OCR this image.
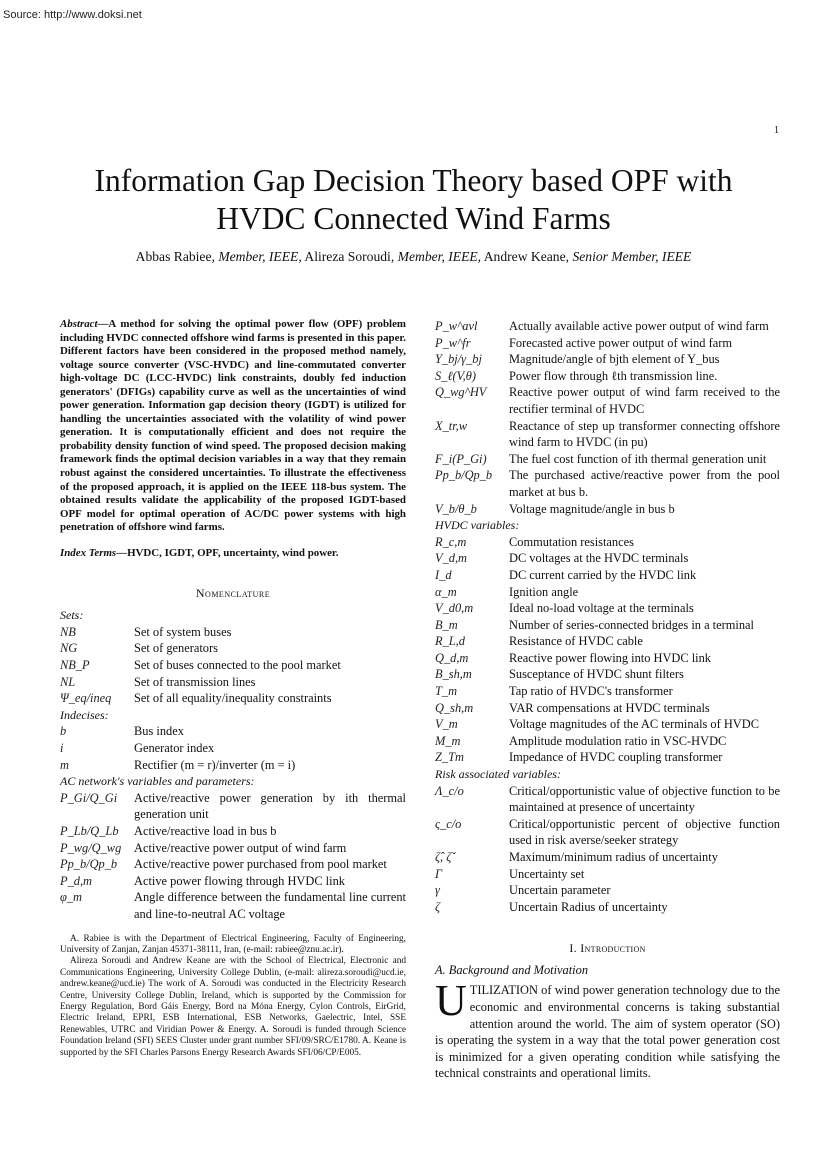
Source: http://www.doksi.net
1
Information Gap Decision Theory based OPF with
HVDC Connected Wind Farms
Abbas Rabiee, Member, IEEE, Alireza Soroudi, Member, IEEE, Andrew Keane, Senior Member, IEEE

Abstract—A method for solving the optimal power flow (OPF) problem including HVDC connected offshore wind farms is presented in this paper. Different factors have been considered in the proposed method namely, voltage source converter (VSC-HVDC) and line-commutated converter high-voltage DC (LCC-HVDC) link constraints, doubly fed induction generators' (DFIGs) capability curve as well as the uncertainties of wind power generation. Information gap decision theory (IGDT) is utilized for handling the uncertainties associated with the volatility of wind power generation. It is computationally efficient and does not require the probability density function of wind speed. The proposed decision making framework finds the optimal decision variables in a way that they remain robust against the considered uncertainties. To illustrate the effectiveness of the proposed approach, it is applied on the IEEE 118-bus system. The obtained results validate the applicability of the proposed IGDT-based OPF model for optimal operation of AC/DC power systems with high penetration of offshore wind farms.

Index Terms—HVDC, IGDT, OPF, uncertainty, wind power.

Nomenclature
Sets:
NB	Set of system buses
NG	Set of generators
NB_P	Set of buses connected to the pool market
NL	Set of transmission lines
Ψ_eq/ineq	Set of all equality/inequality constraints
Indecises:
b	Bus index
i	Generator index
m	Rectifier (m = r)/inverter (m = i)
AC network's variables and parameters:
P_Gi/Q_Gi	Active/reactive power generation by ith thermal generation unit
P_Lb/Q_Lb	Active/reactive load in bus b
P_wg/Q_wg	Active/reactive power output of wind farm
Pp_b/Qp_b	Active/reactive power purchased from pool market
P_d,m	Active power flowing through HVDC link
φ_m	Angle difference between the fundamental line current and line-to-neutral AC voltage

A. Rabiee is with the Department of Electrical Engineering, Faculty of Engineering, University of Zanjan, Zanjan 45371-38111, Iran, (e-mail: rabiee@znu.ac.ir).

Alireza Soroudi and Andrew Keane are with the School of Electrical, Electronic and Communications Engineering, University College Dublin, (e-mail: alireza.soroudi@ucd.ie, andrew.keane@ucd.ie) The work of A. Soroudi was conducted in the Electricity Research Centre, University College Dublin, Ireland, which is supported by the Commission for Energy Regulation, Bord Gáis Energy, Bord na Móna Energy, Cylon Controls, EirGrid, Electric Ireland, EPRI, ESB International, ESB Networks, Gaelectric, Intel, SSE Renewables, UTRC and Viridian Power & Energy. A. Soroudi is funded through Science Foundation Ireland (SFI) SEES Cluster under grant number SFI/09/SRC/E1780. A. Keane is supported by the SFI Charles Parsons Energy Research Awards SFI/06/CP/E005.

P_w^avl	Actually available active power output of wind farm
P_w^fr	Forecasted active power output of wind farm
Y_bj/γ_bj	Magnitude/angle of bjth element of Y_bus
S_ℓ(V,θ)	Power flow through ℓth transmission line.
Q_wg^HV	Reactive power output of wind farm received to the rectifier terminal of HVDC
X_tr,w	Reactance of step up transformer connecting offshore wind farm to HVDC (in pu)
F_i(P_Gi)	The fuel cost function of ith thermal generation unit
Pp_b/Qp_b	The purchased active/reactive power from the pool market at bus b.
V_b/θ_b	Voltage magnitude/angle in bus b
HVDC variables:
R_c,m	Commutation resistances
V_d,m	DC voltages at the HVDC terminals
I_d	DC current carried by the HVDC link
α_m	Ignition angle
V_d0,m	Ideal no-load voltage at the terminals
B_m	Number of series-connected bridges in a terminal
R_L,d	Resistance of HVDC cable
Q_d,m	Reactive power flowing into HVDC link
B_sh,m	Susceptance of HVDC shunt filters
T_m	Tap ratio of HVDC's transformer
Q_sh,m	VAR compensations at HVDC terminals
V_m	Voltage magnitudes of the AC terminals of HVDC
M_m	Amplitude modulation ratio in VSC-HVDC
Z_Tm	Impedance of HVDC coupling transformer
Risk associated variables:
Λ_c/o	Critical/opportunistic value of objective function to be maintained at presence of uncertainty
ς_c/o	Critical/opportunistic percent of objective function used in risk averse/seeker strategy
ζ̂, ζ̌	Maximum/minimum radius of uncertainty
Γ	Uncertainty set
γ	Uncertain parameter
ζ	Uncertain Radius of uncertainty
I. Introduction
A. Background and Motivation

UTILIZATION of wind power generation technology due to the economic and environmental concerns is taking substantial attention around the world. The aim of system operator (SO) is operating the system in a way that the total power generation cost is minimized for a given operating condition while satisfying the technical constraints and operational limits.
